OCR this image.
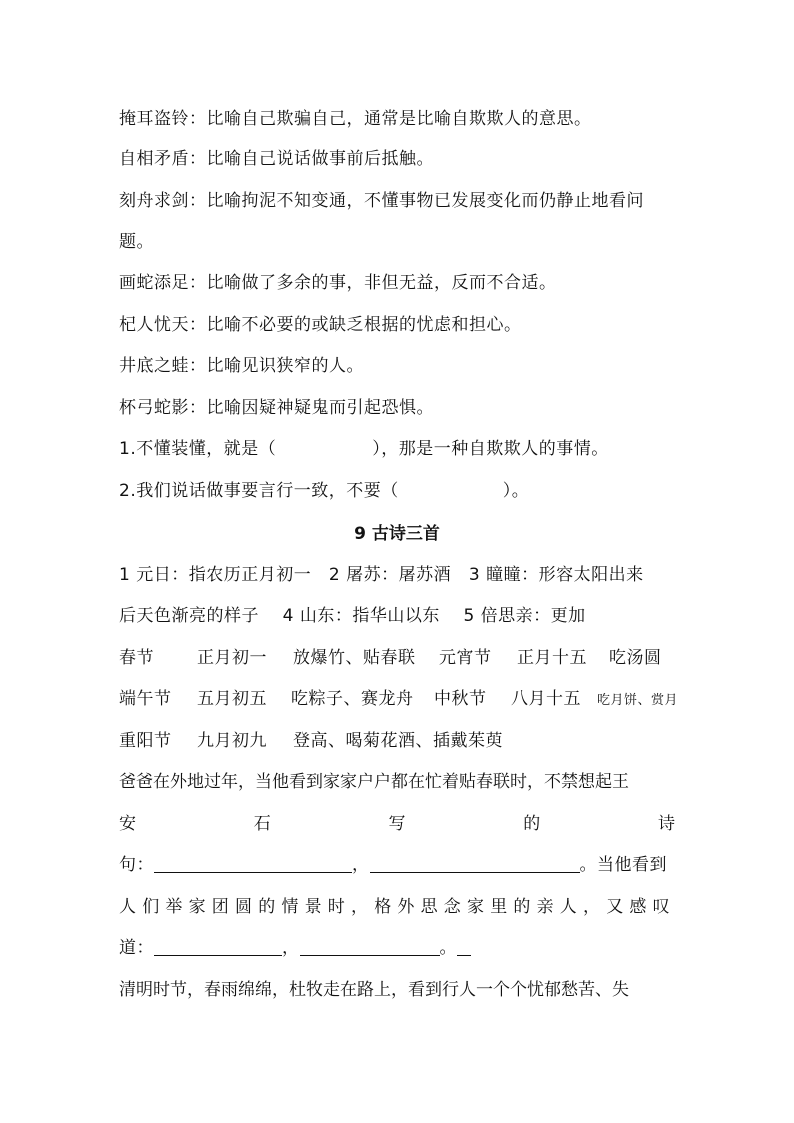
掩耳盗铃：比喻自己欺骗自己，通常是比喻自欺欺人的意思。
自相矛盾：比喻自己说话做事前后抵触。
刻舟求剑：比喻拘泥不知变通，不懂事物已发展变化而仍静止地看问
题。
画蛇添足：比喻做了多余的事，非但无益，反而不合适。
杞人忧天：比喻不必要的或缺乏根据的忧虑和担心。
井底之蛙：比喻见识狭窄的人。
杯弓蛇影：比喻因疑神疑鬼而引起恐惧。
1.不懂装懂，就是（	），那是一种自欺欺人的事情。
2.我们说话做事要言行一致，不要（	）。
9 古诗三首
1 元日：指农历正月初一   2 屠苏：屠苏酒   3 瞳瞳：形容太阳出来
后天色渐亮的样子    4 山东：指华山以东    5 倍思亲：更加
春节	正月初一 放爆竹、贴春联 元宵节 正月十五 吃汤圆
端午节 五月初五 吃粽子、赛龙舟 中秋节 八月十五 吃月饼、赏月
重阳节 九月初九 登高、喝菊花酒、插戴茱萸
爸爸在外地过年，当他看到家家户户都在忙着贴春联时，不禁想起王
安	石	写	的	诗
句：	，	。当他看到
人们举家团圆的情景时，格外思念家里的亲人，又感叹
道：	，	。
清明时节，春雨绵绵，杜牧走在路上，看到行人一个个忧郁愁苦、失
